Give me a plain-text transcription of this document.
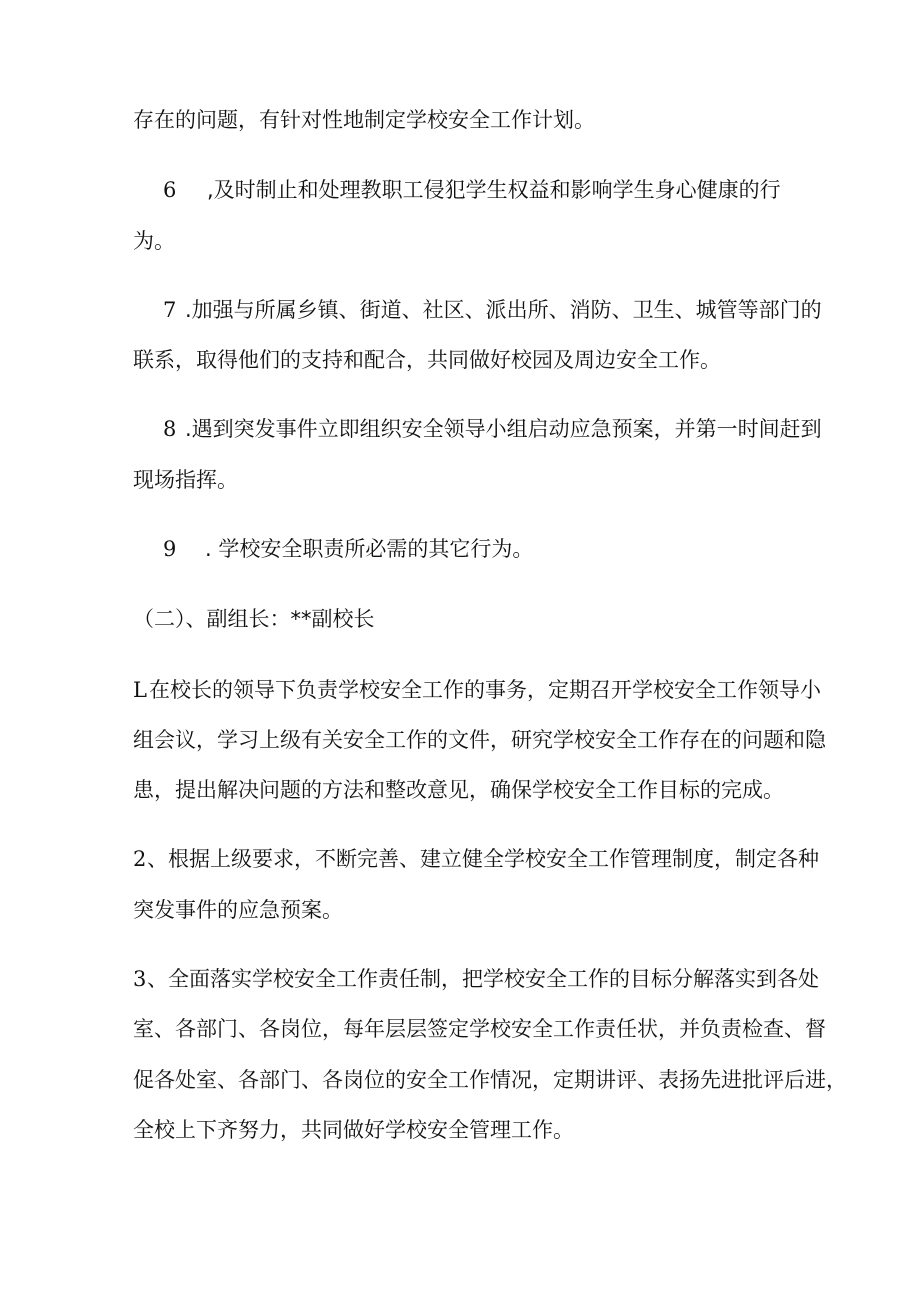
存在的问题，有针对性地制定学校安全工作计划。
6 ,及时制止和处理教职工侵犯学生权益和影响学生身心健康的行
为。
7 .加强与所属乡镇、街道、社区、派出所、消防、卫生、城管等部门的
联系，取得他们的支持和配合，共同做好校园及周边安全工作。
8 .遇到突发事件立即组织安全领导小组启动应急预案，并第一时间赶到
现场指挥。
9 . 学校安全职责所必需的其它行为。
（二）、副组长：**副校长
L在校长的领导下负责学校安全工作的事务，定期召开学校安全工作领导小
组会议，学习上级有关安全工作的文件，研究学校安全工作存在的问题和隐
患，提出解决问题的方法和整改意见，确保学校安全工作目标的完成。
2、根据上级要求，不断完善、建立健全学校安全工作管理制度，制定各种
突发事件的应急预案。
3、全面落实学校安全工作责任制，把学校安全工作的目标分解落实到各处
室、各部门、各岗位，每年层层签定学校安全工作责任状，并负责检查、督
促各处室、各部门、各岗位的安全工作情况，定期讲评、表扬先进批评后进，
全校上下齐努力，共同做好学校安全管理工作。
